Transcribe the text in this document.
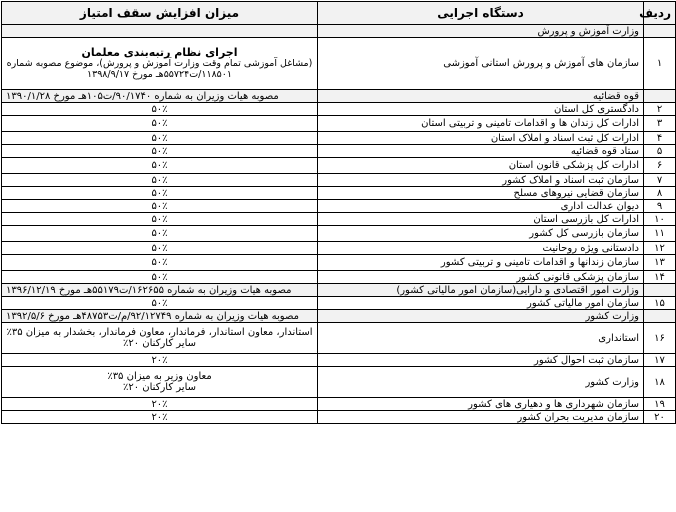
ردیف	دستگاه اجرایی	میزان افزایش سقف امتیاز
	وزارت آموزش و پرورش	
۱	سازمان های آموزش و پرورش استانی آموزشی	اجرای نظام رتبه‌بندی معلمان
(مشاغل آموزشی تمام وقت وزارت آموزش و پرورش)، موضوع مصوبه شماره
۱۱۸۵۰۱/ت۵۵۷۲۴هـ مورخ ۱۳۹۸/۹/۱۷

	قوه قضائیه	مصوبه هیات وزیران به شماره ۹۰/۱۷۴۰/ت۱۰۵هـ مورخ ۱۳۹۰/۱/۲۸
۲	دادگستری کل استان	۵۰٪
۳	ادارات کل زندان ها و اقدامات تامینی و تربیتی استان	۵۰٪
۴	ادارات کل ثبت اسناد و املاک استان	۵۰٪
۵	ستاد قوه قضائیه	۵۰٪
۶	ادارات کل پزشکی قانون استان	۵۰٪
۷	سازمان ثبت اسناد و املاک کشور	۵۰٪
۸	سازمان قضایی نیروهای مسلح	۵۰٪
۹	دیوان عدالت اداری	۵۰٪
۱۰	ادارات کل بازرسی استان	۵۰٪
۱۱	سازمان بازرسی کل کشور	۵۰٪
۱۲	دادستانی ویژه روحانیت	۵۰٪
۱۳	سازمان زندانها و اقدامات تامینی و تربیتی کشور	۵۰٪
۱۴	سازمان پزشکی قانونی کشور	۵۰٪
	وزارت امور اقتصادی و دارایی(سازمان امور مالیاتی کشور)	مصوبه هیات وزیران به شماره ۱۶۲۶۵۵/ت۵۵۱۷۹هـ مورخ ۱۳۹۶/۱۲/۱۹
۱۵	سازمان امور مالیاتی کشور	۵۰٪
	وزارت کشور	مصوبه هیات وزیران به شماره ۹۲/۱۲۷۴۹/م/ت۴۸۷۵۳هـ مورخ ۱۳۹۲/۵/۶
۱۶	استانداری	استاندار، معاون استاندار، فرماندار، معاون فرماندار، بخشدار به میزان ۳۵٪
سایر کارکنان ۲۰٪

۱۷	سازمان ثبت احوال کشور	۲۰٪
۱۸	وزارت کشور	معاون وزیر به میزان ۳۵٪
سایر کارکنان ۲۰٪

۱۹	سازمان شهرداری ها و دهیاری های کشور	۲۰٪
۲۰	سازمان مدیریت بحران کشور	۲۰٪
